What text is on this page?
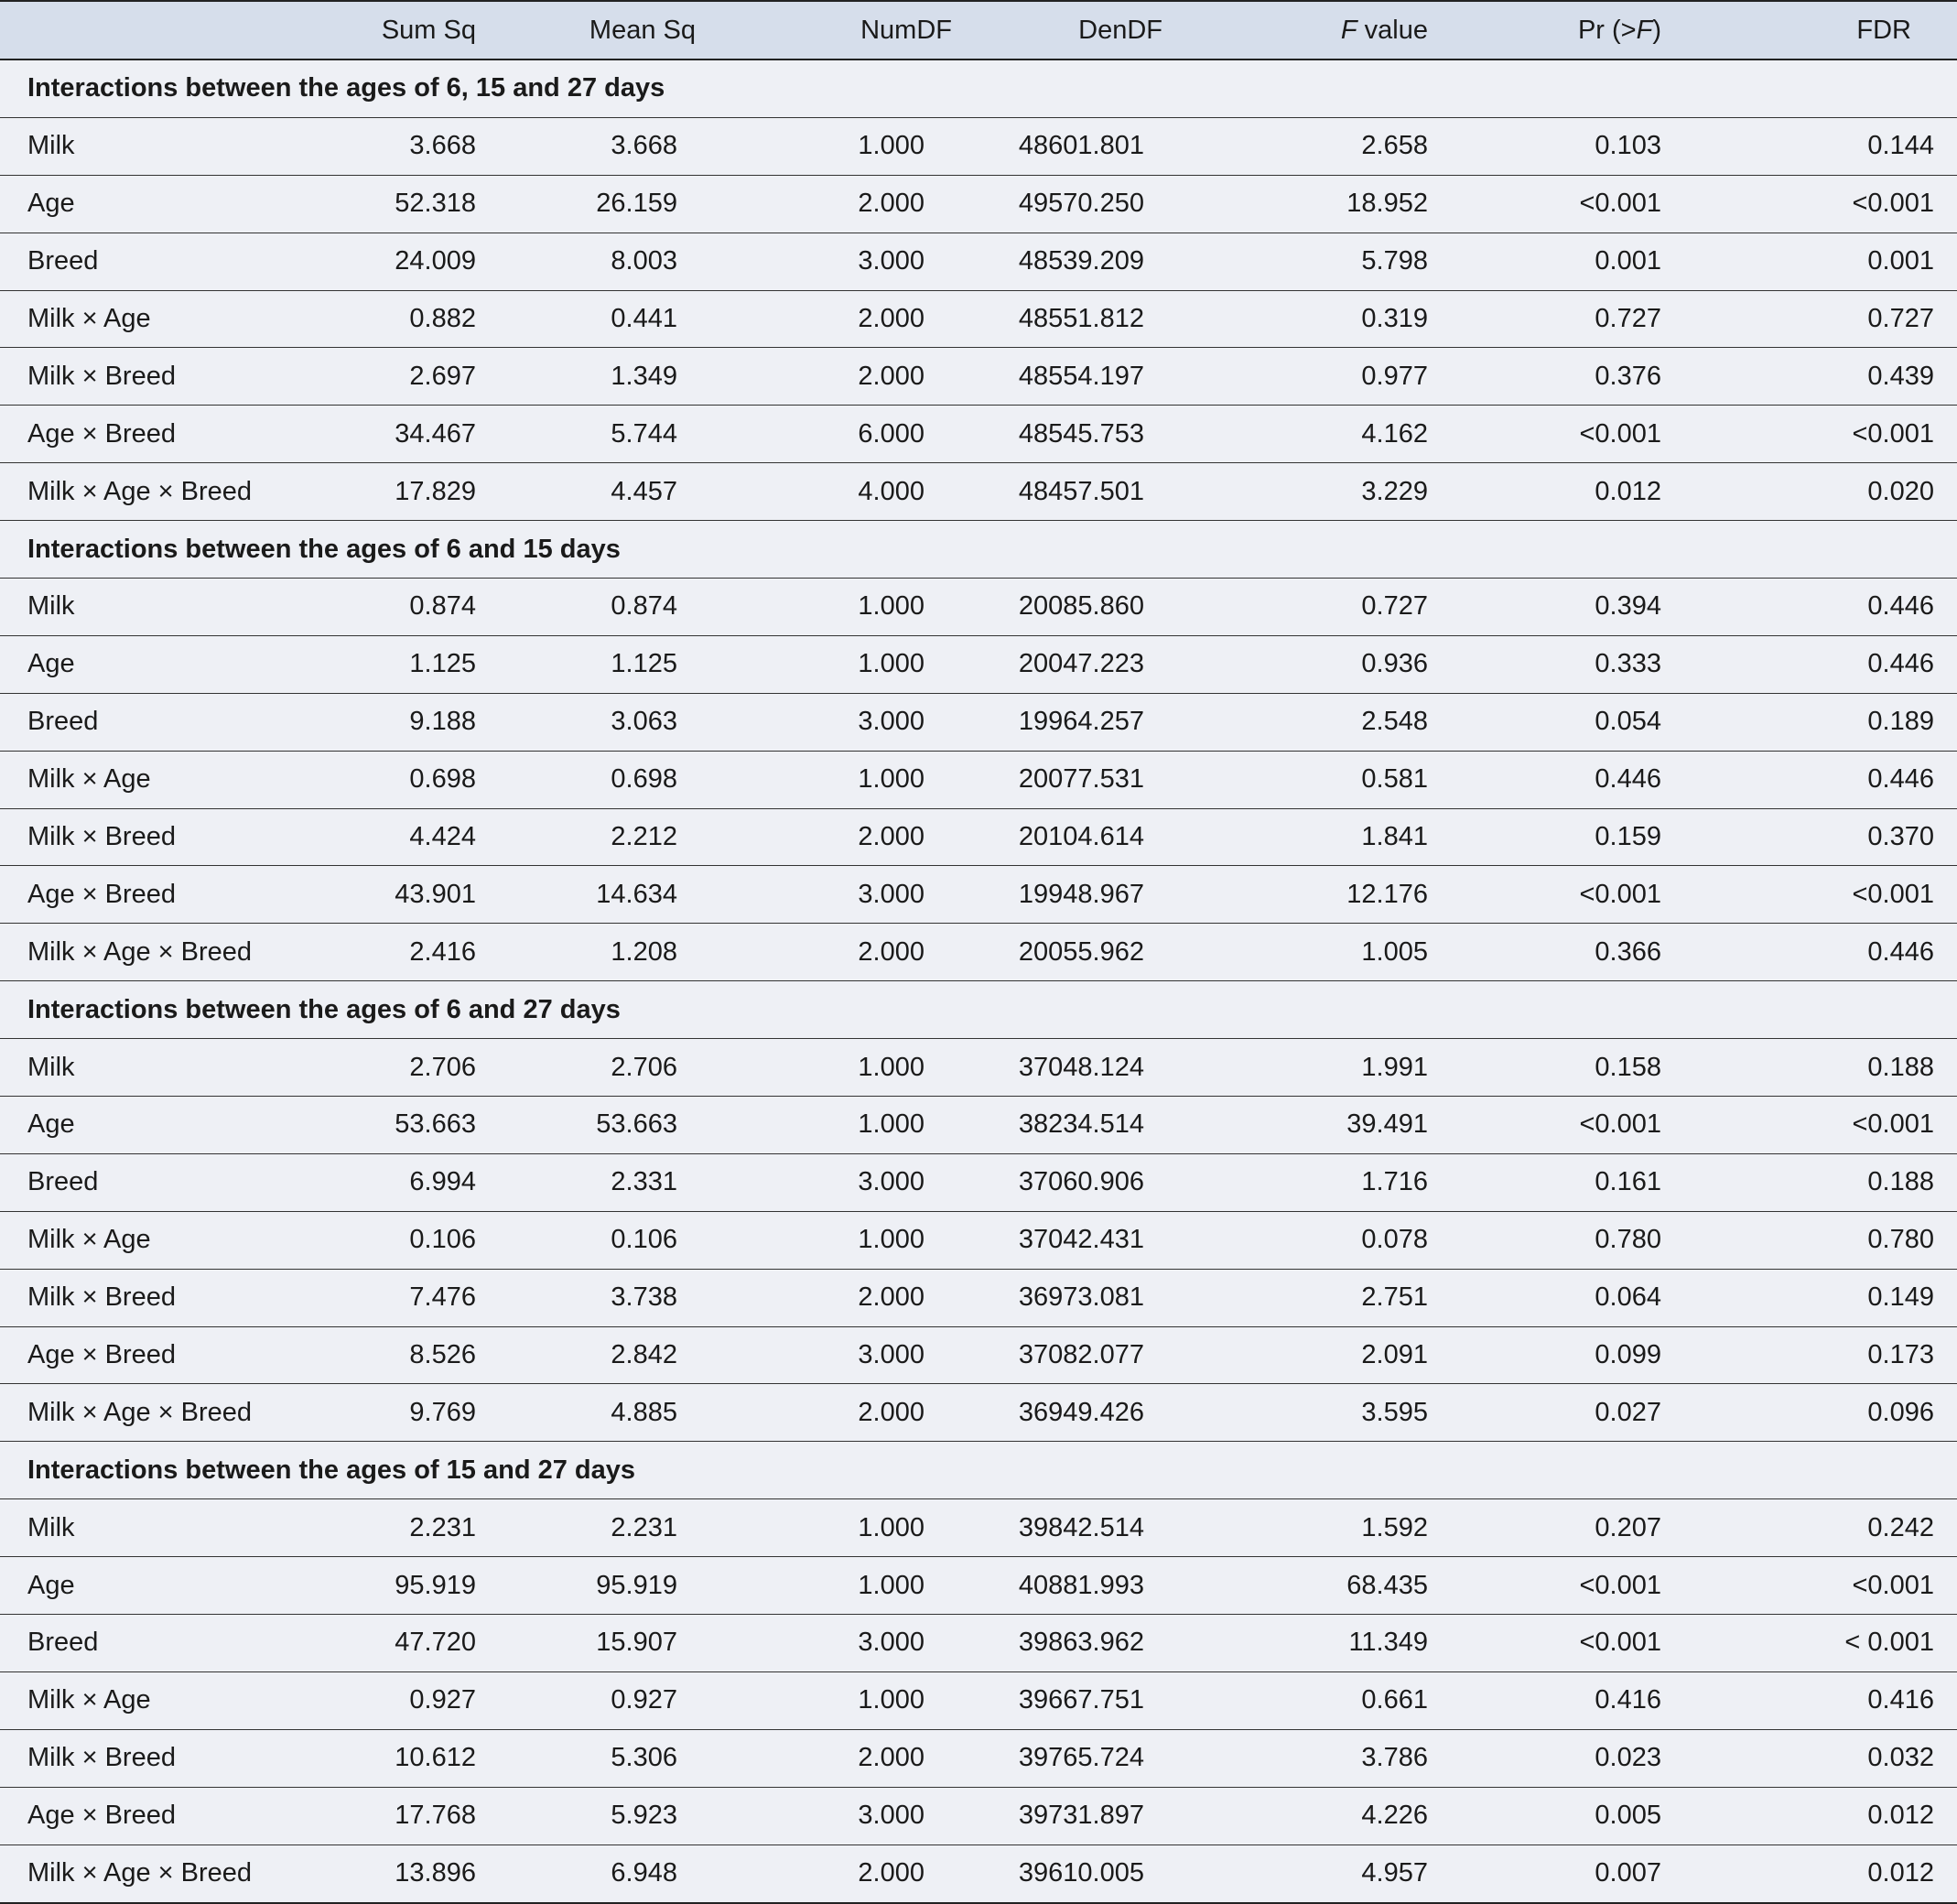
	Sum Sq	Mean Sq	NumDF	DenDF	F value	Pr (>F)	FDR
Interactions between the ages of 6, 15 and 27 days							
Milk	3.668	3.668	1.000	48601.801	2.658	0.103	0.144
Age	52.318	26.159	2.000	49570.250	18.952	<0.001	<0.001
Breed	24.009	8.003	3.000	48539.209	5.798	0.001	0.001
Milk × Age	0.882	0.441	2.000	48551.812	0.319	0.727	0.727
Milk × Breed	2.697	1.349	2.000	48554.197	0.977	0.376	0.439
Age × Breed	34.467	5.744	6.000	48545.753	4.162	<0.001	<0.001
Milk × Age × Breed	17.829	4.457	4.000	48457.501	3.229	0.012	0.020
Interactions between the ages of 6 and 15 days							
Milk	0.874	0.874	1.000	20085.860	0.727	0.394	0.446
Age	1.125	1.125	1.000	20047.223	0.936	0.333	0.446
Breed	9.188	3.063	3.000	19964.257	2.548	0.054	0.189
Milk × Age	0.698	0.698	1.000	20077.531	0.581	0.446	0.446
Milk × Breed	4.424	2.212	2.000	20104.614	1.841	0.159	0.370
Age × Breed	43.901	14.634	3.000	19948.967	12.176	<0.001	<0.001
Milk × Age × Breed	2.416	1.208	2.000	20055.962	1.005	0.366	0.446
Interactions between the ages of 6 and 27 days							
Milk	2.706	2.706	1.000	37048.124	1.991	0.158	0.188
Age	53.663	53.663	1.000	38234.514	39.491	<0.001	<0.001
Breed	6.994	2.331	3.000	37060.906	1.716	0.161	0.188
Milk × Age	0.106	0.106	1.000	37042.431	0.078	0.780	0.780
Milk × Breed	7.476	3.738	2.000	36973.081	2.751	0.064	0.149
Age × Breed	8.526	2.842	3.000	37082.077	2.091	0.099	0.173
Milk × Age × Breed	9.769	4.885	2.000	36949.426	3.595	0.027	0.096
Interactions between the ages of 15 and 27 days							
Milk	2.231	2.231	1.000	39842.514	1.592	0.207	0.242
Age	95.919	95.919	1.000	40881.993	68.435	<0.001	<0.001
Breed	47.720	15.907	3.000	39863.962	11.349	<0.001	< 0.001
Milk × Age	0.927	0.927	1.000	39667.751	0.661	0.416	0.416
Milk × Breed	10.612	5.306	2.000	39765.724	3.786	0.023	0.032
Age × Breed	17.768	5.923	3.000	39731.897	4.226	0.005	0.012
Milk × Age × Breed	13.896	6.948	2.000	39610.005	4.957	0.007	0.012
